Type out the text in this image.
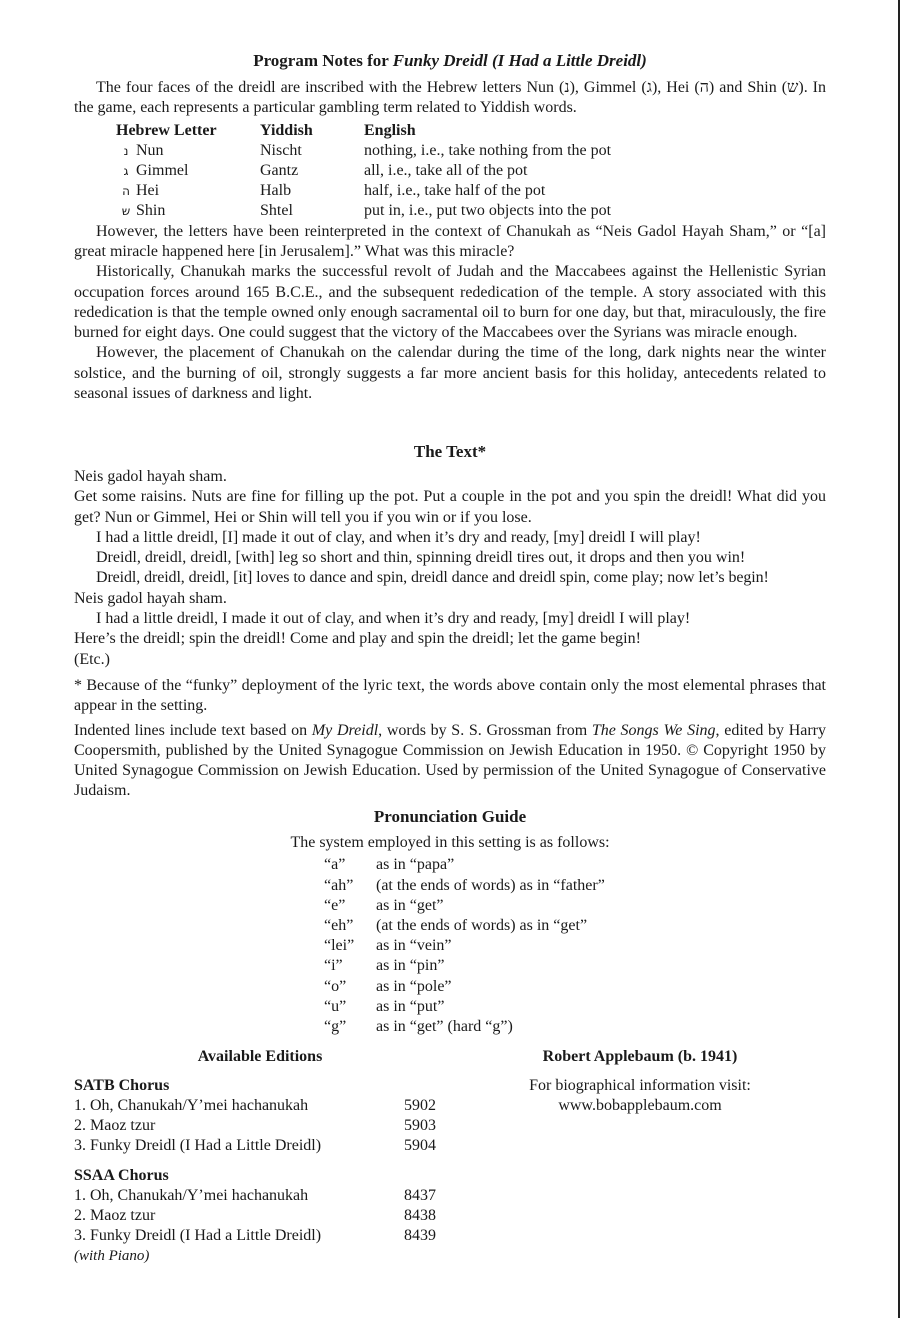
Program Notes for Funky Dreidl (I Had a Little Dreidl)

The four faces of the dreidl are inscribed with the Hebrew letters Nun (נ), Gimmel (ג), Hei (ה) and Shin (ש). In the game, each represents a particular gambling term related to Yiddish words.

Hebrew Letter	Yiddish	English
נ Nun	Nischt	nothing, i.e., take nothing from the pot
ג Gimmel	Gantz	all, i.e., take all of the pot
ה Hei	Halb	half, i.e., take half of the pot
ש Shin	Shtel	put in, i.e., put two objects into the pot

However, the letters have been reinterpreted in the context of Chanukah as “Neis Gadol Hayah Sham,” or “[a] great miracle happened here [in Jerusalem].” What was this miracle?

Historically, Chanukah marks the successful revolt of Judah and the Maccabees against the Hellenistic Syrian occupation forces around 165 B.C.E., and the subsequent rededication of the temple. A story associated with this rededication is that the temple owned only enough sacramental oil to burn for one day, but that, miraculously, the fire burned for eight days. One could suggest that the victory of the Maccabees over the Syrians was miracle enough.

However, the placement of Chanukah on the calendar during the time of the long, dark nights near the winter solstice, and the burning of oil, strongly suggests a far more ancient basis for this holiday, antecedents related to seasonal issues of darkness and light.

The Text*

Neis gadol hayah sham.

Get some raisins. Nuts are fine for filling up the pot. Put a couple in the pot and you spin the dreidl! What did you get? Nun or Gimmel, Hei or Shin will tell you if you win or if you lose.

I had a little dreidl, [I] made it out of clay, and when it’s dry and ready, [my] dreidl I will play!

Dreidl, dreidl, dreidl, [with] leg so short and thin, spinning dreidl tires out, it drops and then you win!

Dreidl, dreidl, dreidl, [it] loves to dance and spin, dreidl dance and dreidl spin, come play; now let’s begin!

Neis gadol hayah sham.

I had a little dreidl, I made it out of clay, and when it’s dry and ready, [my] dreidl I will play!

Here’s the dreidl; spin the dreidl! Come and play and spin the dreidl; let the game begin!

(Etc.)

* Because of the “funky” deployment of the lyric text, the words above contain only the most elemental phrases that appear in the setting.

Indented lines include text based on My Dreidl, words by S. S. Grossman from The Songs We Sing, edited by Harry Coopersmith, published by the United Synagogue Commission on Jewish Education in 1950. © Copyright 1950 by United Synagogue Commission on Jewish Education. Used by permission of the United Synagogue of Conservative Judaism.

Pronunciation Guide

The system employed in this setting is as follows:

“a”	as in “papa”
“ah”	(at the ends of words) as in “father”
“e”	as in “get”
“eh”	(at the ends of words) as in “get”
“lei”	as in “vein”
“i”	as in “pin”
“o”	as in “pole”
“u”	as in “put”
“g”	as in “get” (hard “g”)
Available Editions
SATB Chorus
1. Oh, Chanukah/Y’mei hachanukah	5902
2. Maoz tzur	5903
3. Funky Dreidl (I Had a Little Dreidl)	5904
SSAA Chorus
1. Oh, Chanukah/Y’mei hachanukah	8437
2. Maoz tzur	8438
3. Funky Dreidl (I Had a Little Dreidl)	8439
(with Piano)
Robert Applebaum (b. 1941)
For biographical information visit:
www.bobapplebaum.com
